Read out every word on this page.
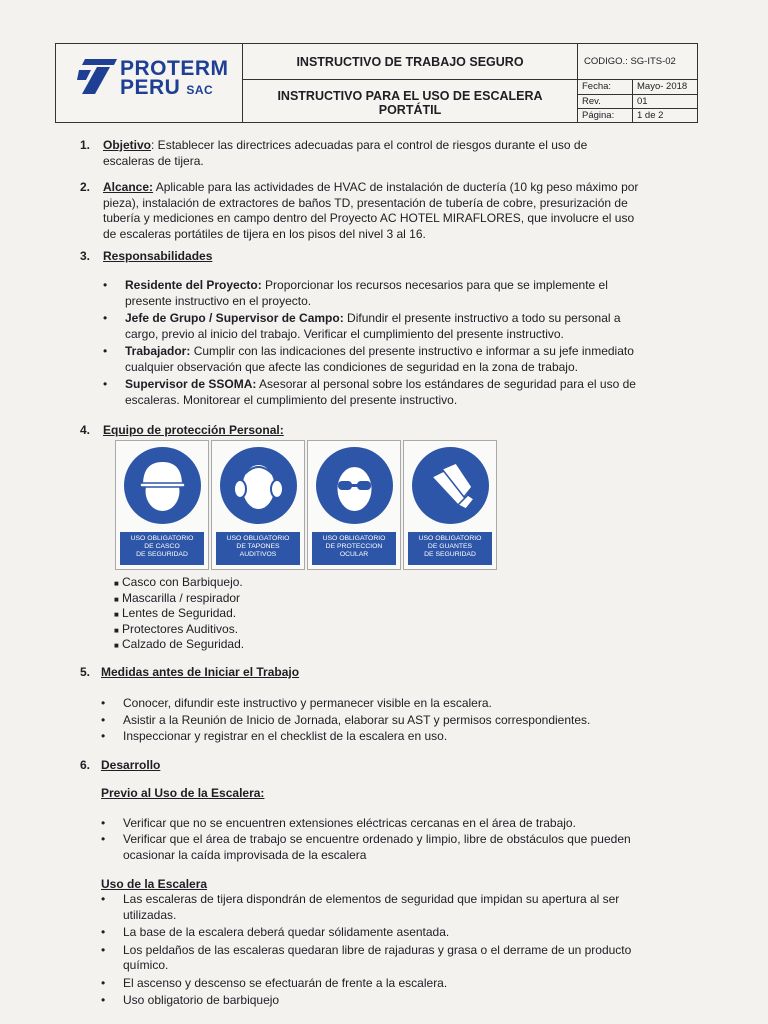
PROTERM
PERU SAC
INSTRUCTIVO DE TRABAJO SEGURO
INSTRUCTIVO PARA EL USO DE ESCALERA
PORTÁTIL
CODIGO.: SG-ITS-02
Fecha:	Mayo- 2018
Rev.	01
Página:	1 de 2
1. Objetivo: Establecer las directrices adecuadas para el control de riesgos durante el uso de
escaleras de tijera.
2. Alcance: Aplicable para las actividades de HVAC de instalación de ductería (10 kg peso máximo por
pieza), instalación de extractores de baños TD, presentación de tubería de cobre, presurización de
tubería y mediciones en campo dentro del Proyecto AC HOTEL MIRAFLORES, que involucre el uso
de escaleras portátiles de tijera en los pisos del nivel 3 al 16.
3. Responsabilidades
• Residente del Proyecto: Proporcionar los recursos necesarios para que se implemente el
presente instructivo en el proyecto.
• Jefe de Grupo / Supervisor de Campo: Difundir el presente instructivo a todo su personal a
cargo, previo al inicio del trabajo. Verificar el cumplimiento del presente instructivo.
• Trabajador: Cumplir con las indicaciones del presente instructivo e informar a su jefe inmediato
cualquier observación que afecte las condiciones de seguridad en la zona de trabajo.
• Supervisor de SSOMA: Asesorar al personal sobre los estándares de seguridad para el uso de
escaleras. Monitorear el cumplimiento del presente instructivo.
4. Equipo de protección Personal:
USO OBLIGATORIO
DE CASCO
DE SEGURIDAD
USO OBLIGATORIO
DE TAPONES
AUDITIVOS
USO OBLIGATORIO
DE PROTECCION
OCULAR
USO OBLIGATORIO
DE GUANTES
DE SEGURIDAD
■ Casco con Barbiquejo.
■ Mascarilla / respirador
■ Lentes de Seguridad.
■ Protectores Auditivos.
■ Calzado de Seguridad.
5. Medidas antes de Iniciar el Trabajo
• Conocer, difundir este instructivo y permanecer visible en la escalera.
• Asistir a la Reunión de Inicio de Jornada, elaborar su AST y permisos correspondientes.
• Inspeccionar y registrar en el checklist de la escalera en uso.
6. Desarrollo
Previo al Uso de la Escalera:
• Verificar que no se encuentren extensiones eléctricas cercanas en el área de trabajo.
• Verificar que el área de trabajo se encuentre ordenado y limpio, libre de obstáculos que pueden
ocasionar la caída improvisada de la escalera
Uso de la Escalera
• Las escaleras de tijera dispondrán de elementos de seguridad que impidan su apertura al ser
utilizadas.
• La base de la escalera deberá quedar sólidamente asentada.
• Los peldaños de las escaleras quedaran libre de rajaduras y grasa o el derrame de un producto
químico.
• El ascenso y descenso se efectuarán de frente a la escalera.
• Uso obligatorio de barbiquejo
